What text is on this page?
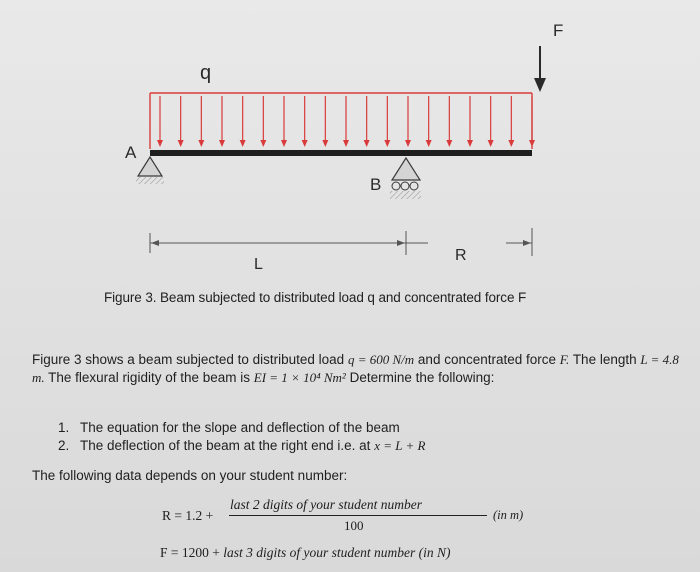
F
q
A
B
L
R
Figure 3. Beam subjected to distributed load q and concentrated force F
Figure 3 shows a beam subjected to distributed load q = 600 N/m and concentrated force F. The length L = 4.8 m. The flexural rigidity of the beam is EI = 1 × 10⁴ Nm² Determine the following:
1. The equation for the slope and deflection of the beam
2. The deflection of the beam at the right end i.e. at x = L + R
The following data depends on your student number:
R = 1.2 +
last 2 digits of your student number
100
(in m)
F = 1200 + last 3 digits of your student number (in N)
